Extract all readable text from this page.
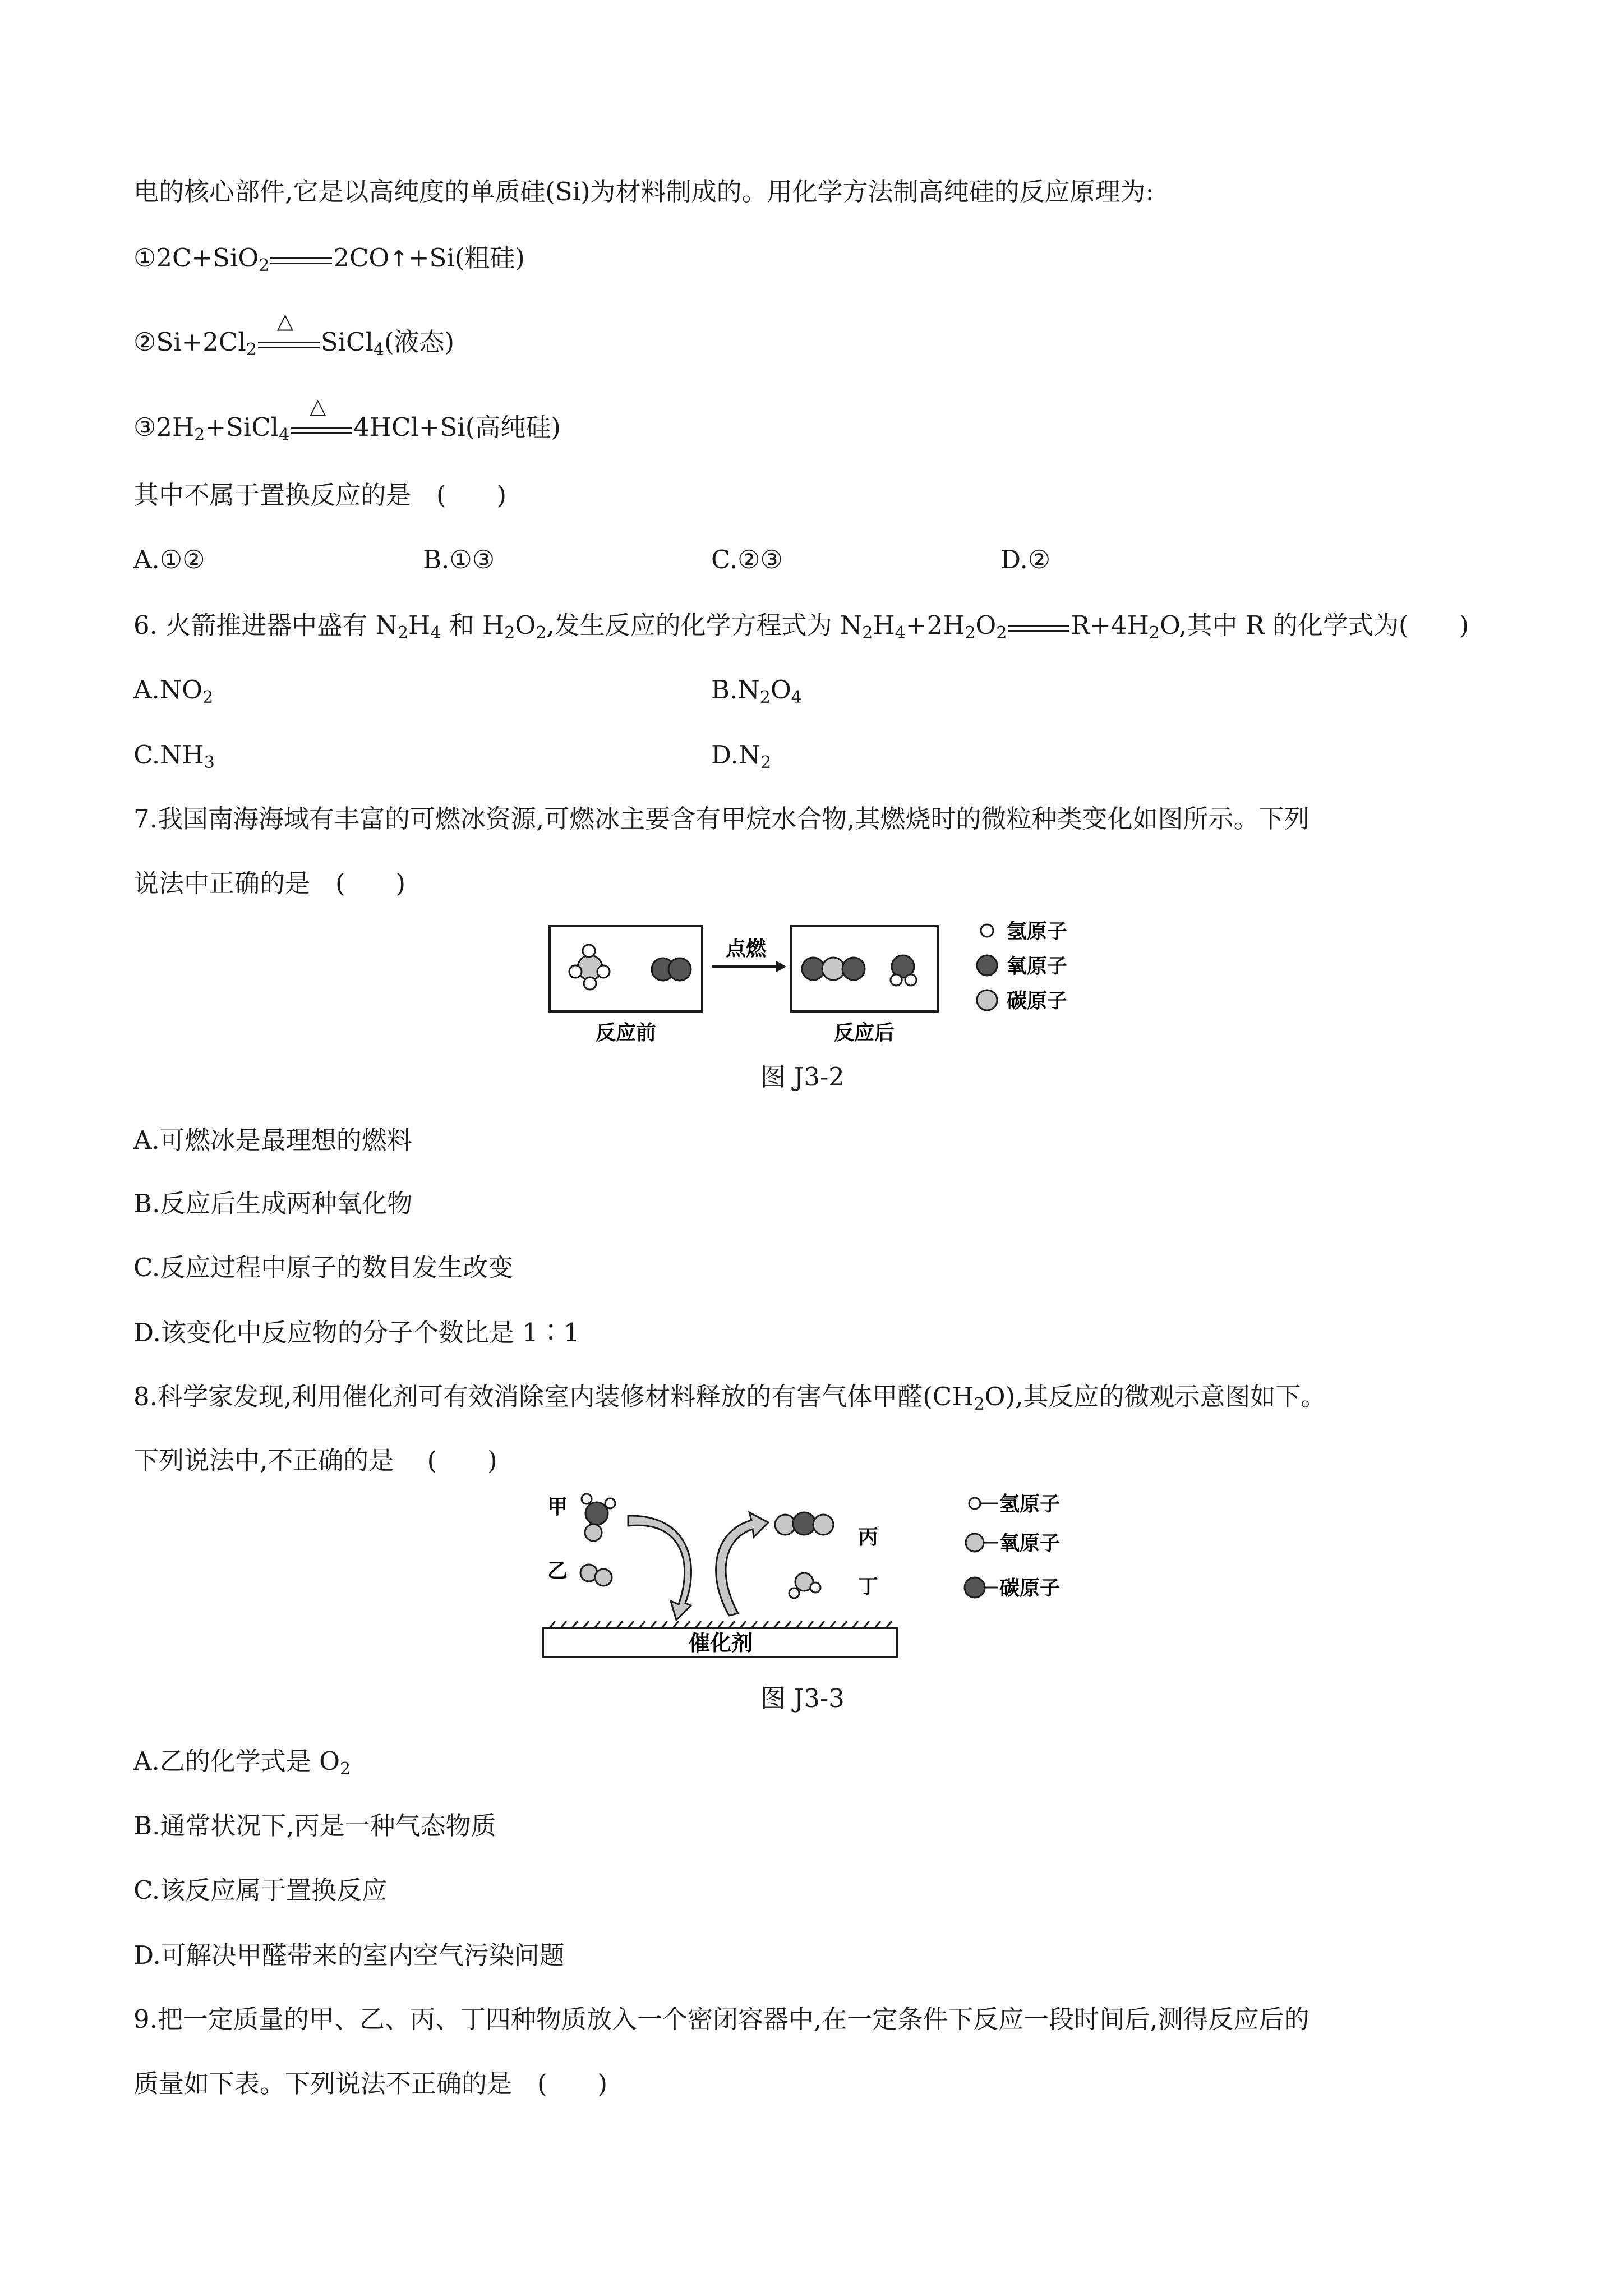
电的核心部件,它是以高纯度的单质硅(Si)为材料制成的。用化学方法制高纯硅的反应原理为:
①2C+SiO$_2$	2CO↑+Si(粗硅)
$②Si+2Cl_2$
△
SiCl$_4$(液态)
$③2H_2+SiCl_4$
△
4HCl+Si(高纯硅)
其中不属于置换反应的是　(　　)
A.①②	B.①③	C.②③	D.②
6. 火箭推进器中盛有 $N_2H_4$ 和 $H_2O_2$,发生反应的化学方程式为 $N_2H_4+2H_2O_2$	$R+4H_2O$,其中 R 的化学式为(　　)
$A.NO_2$	$B.N_2O_4$
$C.NH_3$	$D.N_2$
7.我国南海海域有丰富的可燃冰资源,可燃冰主要含有甲烷水合物,其燃烧时的微粒种类变化如图所示。下列
说法中正确的是　(　　)
点燃
反应前	反应后
氢原子
氧原子
碳原子
图 J3-2
A.可燃冰是最理想的燃料
B.反应后生成两种氧化物
C.反应过程中原子的数目发生改变
D.该变化中反应物的分子个数比是 1∶1
8.科学家发现,利用催化剂可有效消除室内装修材料释放的有害气体甲醛$(CH_2O)$,其反应的微观示意图如下。
下列说法中,不正确的是　 (　　)
催化剂
甲
乙
丙
丁
氢原子
氧原子
碳原子
图 J3-3
A.乙的化学式是 $O_2$
B.通常状况下,丙是一种气态物质
C.该反应属于置换反应
D.可解决甲醛带来的室内空气污染问题
9.把一定质量的甲、乙、丙、丁四种物质放入一个密闭容器中,在一定条件下反应一段时间后,测得反应后的
质量如下表。下列说法不正确的是　(　　)
